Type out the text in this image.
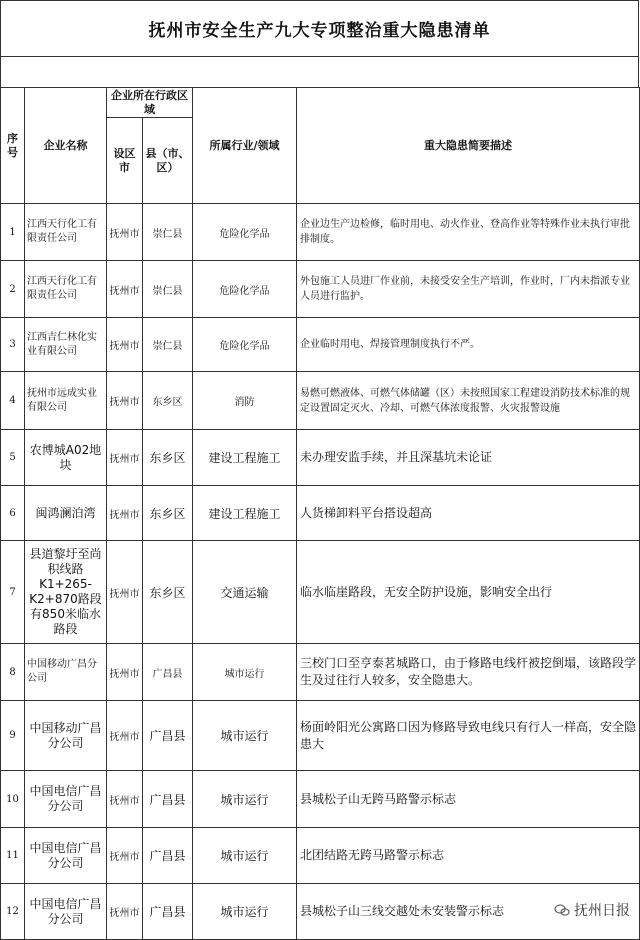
抚州市安全生产九大专项整治重大隐患清单
序号	企业名称	企业所在行政区域		所属行业/领域	重大隐患简要描述
		设区市	县（市、区）		
1	江西天行化工有限责任公司	抚州市	崇仁县	危险化学品	企业边生产边检修，临时用电、动火作业、登高作业等特殊作业未执行审批排制度。
2	江西天行化工有限责任公司	抚州市	崇仁县	危险化学品	外包施工人员进厂作业前，未接受安全生产培训，作业时，厂内未指派专业人员进行监护。
3	江西吉仁林化实业有限公司	抚州市	崇仁县	危险化学品	企业临时用电、焊接管理制度执行不严。
4	抚州市远成实业有限公司	抚州市	东乡区	消防	易燃可燃液体、可燃气体储罐（区）未按照国家工程建设消防技术标准的规定设置固定灭火、冷却、可燃气体浓度报警、火灾报警设施
5	农博城A02地块	抚州市	东乡区	建设工程施工	未办理安监手续，并且深基坑未论证
6	闽鸿澜泊湾	抚州市	东乡区	建设工程施工	人货梯卸料平台搭设超高
7	县道黎圩至尚积线路K1+265-K2+870路段有850米临水路段	抚州市	东乡区	交通运输	临水临崖路段，无安全防护设施，影响安全出行
8	中国移动广昌分公司	抚州市	广昌县	城市运行	三校门口至亨泰茗城路口，由于修路电线杆被挖倒塌，该路段学生及过往行人较多，安全隐患大。
9	中国移动广昌分公司	抚州市	广昌县	城市运行	杨面岭阳光公寓路口因为修路导致电线只有行人一样高，安全隐患大
10	中国电信广昌分公司	抚州市	广昌县	城市运行	县城松子山无跨马路警示标志
11	中国电信广昌分公司	抚州市	广昌县	城市运行	北团结路无跨马路警示标志
12	中国电信广昌分公司	抚州市	广昌县	城市运行	县城松子山三线交越处未安装警示标志	抚州日报
